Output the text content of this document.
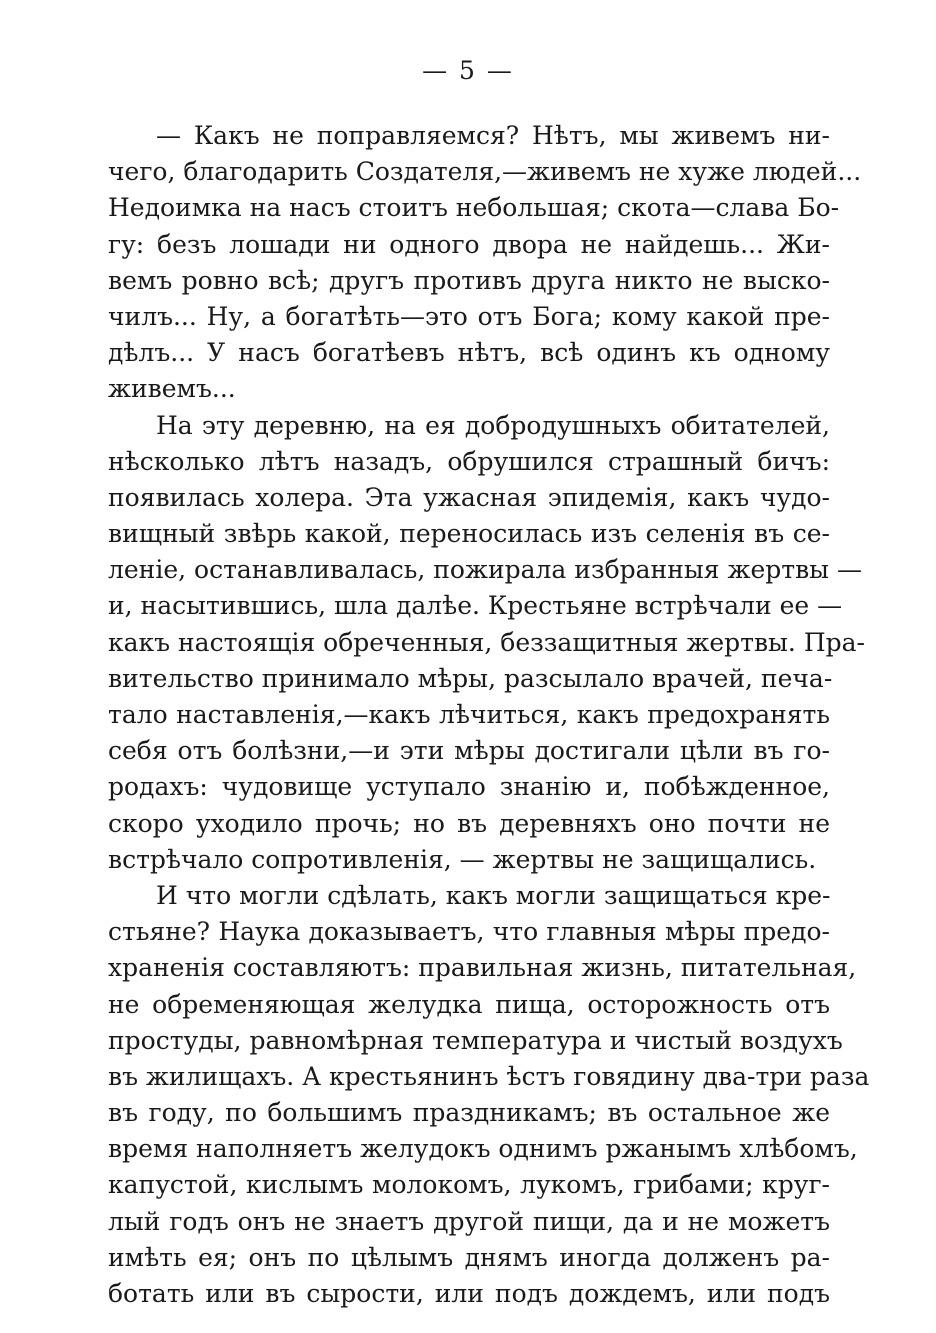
— 5 —
— Какъ не поправляемся? Нѣтъ, мы живемъ ни-
чего, благодарить Создателя,—живемъ не хуже людей...
Недоимка на насъ стоитъ небольшая; скота—слава Бо-
гу: безъ лошади ни одного двора не найдешь... Жи-
вемъ ровно всѣ; другъ противъ друга никто не выско-
чилъ... Ну, а богатѣть—это отъ Бога; кому какой пре-
дѣлъ... У насъ богатѣевъ нѣтъ, всѣ одинъ къ одному
живемъ...
На эту деревню, на ея добродушныхъ обитателей,
нѣсколько лѣтъ назадъ, обрушился страшный бичъ:
появилась холера. Эта ужасная эпидемія, какъ чудо-
вищный звѣрь какой, переносилась изъ селенія въ се-
леніе, останавливалась, пожирала избранныя жертвы —
и, насытившись, шла далѣе. Крестьяне встрѣчали ее —
какъ настоящія обреченныя, беззащитныя жертвы. Пра-
вительство принимало мѣры, разсылало врачей, печа-
тало наставленія,—какъ лѣчиться, какъ предохранять
себя отъ болѣзни,—и эти мѣры достигали цѣли въ го-
родахъ: чудовище уступало знанію и, побѣжденное,
скоро уходило прочь; но въ деревняхъ оно почти не
встрѣчало сопротивленія, — жертвы не защищались.
И что могли сдѣлать, какъ могли защищаться кре-
стьяне? Наука доказываетъ, что главныя мѣры предо-
храненія составляютъ: правильная жизнь, питательная,
не обременяющая желудка пища, осторожность отъ
простуды, равномѣрная температура и чистый воздухъ
въ жилищахъ. А крестьянинъ ѣстъ говядину два-три раза
въ году, по большимъ праздникамъ; въ остальное же
время наполняетъ желудокъ однимъ ржанымъ хлѣбомъ,
капустой, кислымъ молокомъ, лукомъ, грибами; круг-
лый годъ онъ не знаетъ другой пищи, да и не можетъ
имѣть ея; онъ по цѣлымъ днямъ иногда долженъ ра-
ботать или въ сырости, или подъ дождемъ, или подъ
